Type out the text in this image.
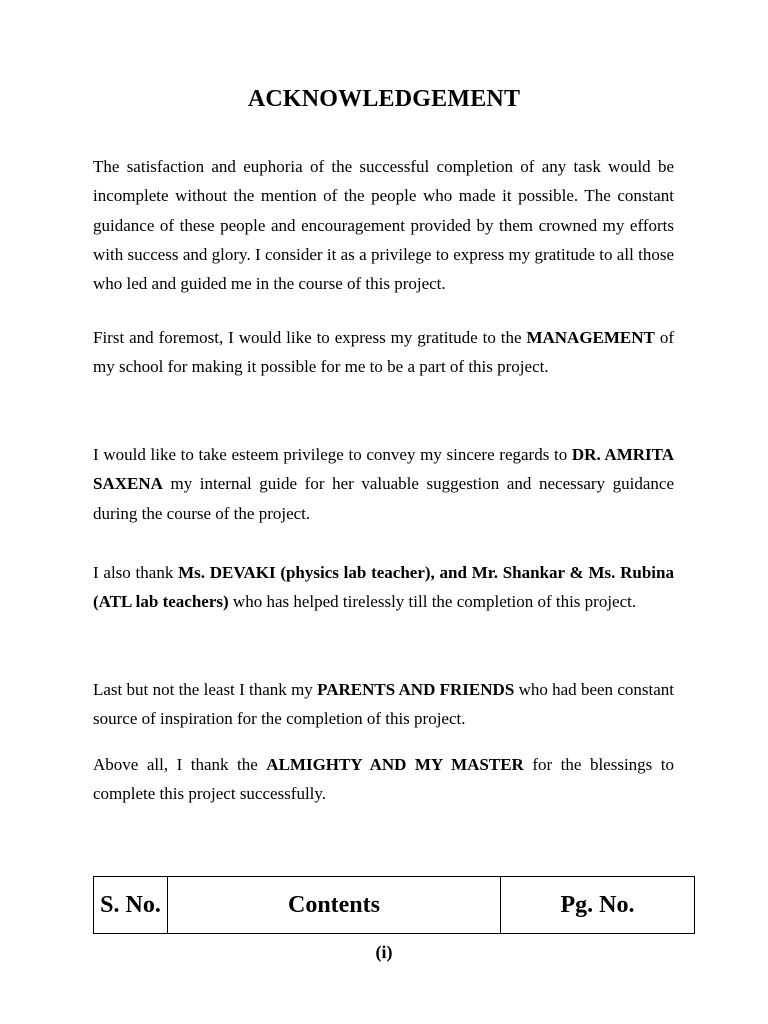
ACKNOWLEDGEMENT
The satisfaction and euphoria of the successful completion of any task would be incomplete without the mention of the people who made it possible. The constant guidance of these people and encouragement provided by them crowned my efforts with success and glory. I consider it as a privilege to express my gratitude to all those who led and guided me in the course of this project.
First and foremost, I would like to express my gratitude to the MANAGEMENT of my school for making it possible for me to be a part of this project.
I would like to take esteem privilege to convey my sincere regards to DR. AMRITA SAXENA my internal guide for her valuable suggestion and necessary guidance during the course of the project.
I also thank Ms. DEVAKI (physics lab teacher), and Mr. Shankar & Ms. Rubina (ATL lab teachers) who has helped tirelessly till the completion of this project.
Last but not the least I thank my PARENTS AND FRIENDS who had been constant source of inspiration for the completion of this project.
Above all, I thank the ALMIGHTY AND MY MASTER for the blessings to complete this project successfully.
S. No.	Contents	Pg. No.
(i)
